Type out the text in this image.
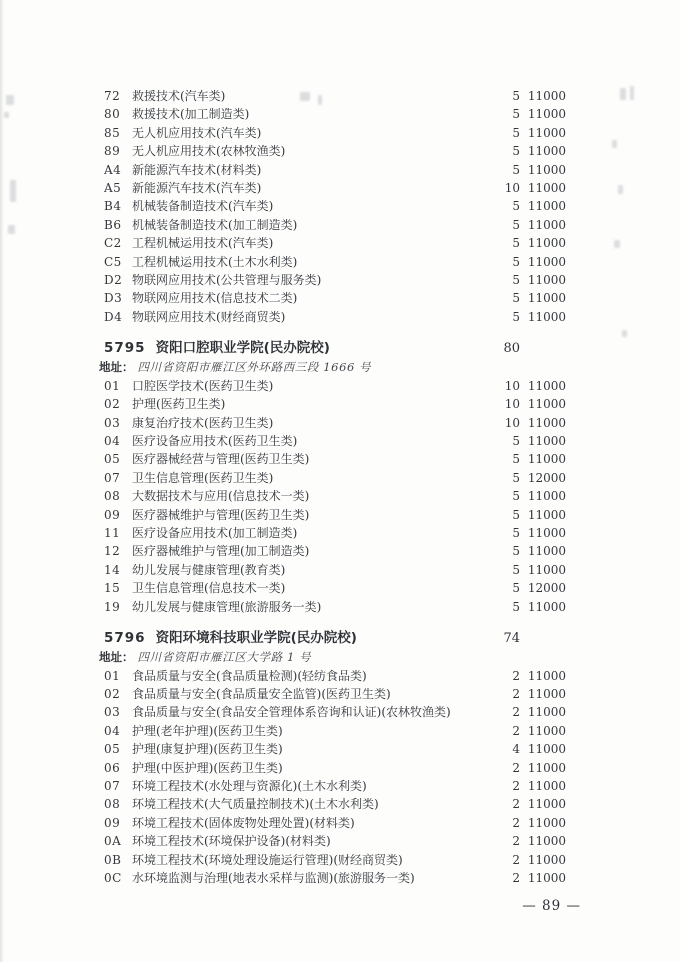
72 救援技术(汽车类)	5 11000
80 救援技术(加工制造类)	5 11000
85 无人机应用技术(汽车类)	5 11000
89 无人机应用技术(农林牧渔类)	5 11000
A4 新能源汽车技术(材料类)	5 11000
A5 新能源汽车技术(汽车类)	10 11000
B4 机械装备制造技术(汽车类)	5 11000
B6 机械装备制造技术(加工制造类)	5 11000
C2 工程机械运用技术(汽车类)	5 11000
C5 工程机械运用技术(土木水利类)	5 11000
D2 物联网应用技术(公共管理与服务类)	5 11000
D3 物联网应用技术(信息技术二类)	5 11000
D4 物联网应用技术(财经商贸类)	5 11000
5795 资阳口腔职业学院(民办院校)	80
地址： 四川省资阳市雁江区外环路西三段 1666 号
01 口腔医学技术(医药卫生类)	10 11000
02 护理(医药卫生类)	10 11000
03 康复治疗技术(医药卫生类)	10 11000
04 医疗设备应用技术(医药卫生类)	5 11000
05 医疗器械经营与管理(医药卫生类)	5 11000
07 卫生信息管理(医药卫生类)	5 12000
08 大数据技术与应用(信息技术一类)	5 11000
09 医疗器械维护与管理(医药卫生类)	5 11000
11 医疗设备应用技术(加工制造类)	5 11000
12 医疗器械维护与管理(加工制造类)	5 11000
14 幼儿发展与健康管理(教育类)	5 11000
15 卫生信息管理(信息技术一类)	5 12000
19 幼儿发展与健康管理(旅游服务一类)	5 11000
5796 资阳环境科技职业学院(民办院校)	74
地址： 四川省资阳市雁江区大学路 1 号
01 食品质量与安全(食品质量检测)(轻纺食品类)	2 11000
02 食品质量与安全(食品质量安全监管)(医药卫生类)	2 11000
03 食品质量与安全(食品安全管理体系咨询和认证)(农林牧渔类)	2 11000
04 护理(老年护理)(医药卫生类)	2 11000
05 护理(康复护理)(医药卫生类)	4 11000
06 护理(中医护理)(医药卫生类)	2 11000
07 环境工程技术(水处理与资源化)(土木水利类)	2 11000
08 环境工程技术(大气质量控制技术)(土木水利类)	2 11000
09 环境工程技术(固体废物处理处置)(材料类)	2 11000
0A 环境工程技术(环境保护设备)(材料类)	2 11000
0B 环境工程技术(环境处理设施运行管理)(财经商贸类)	2 11000
0C 水环境监测与治理(地表水采样与监测)(旅游服务一类)	2 11000
— 89 —
